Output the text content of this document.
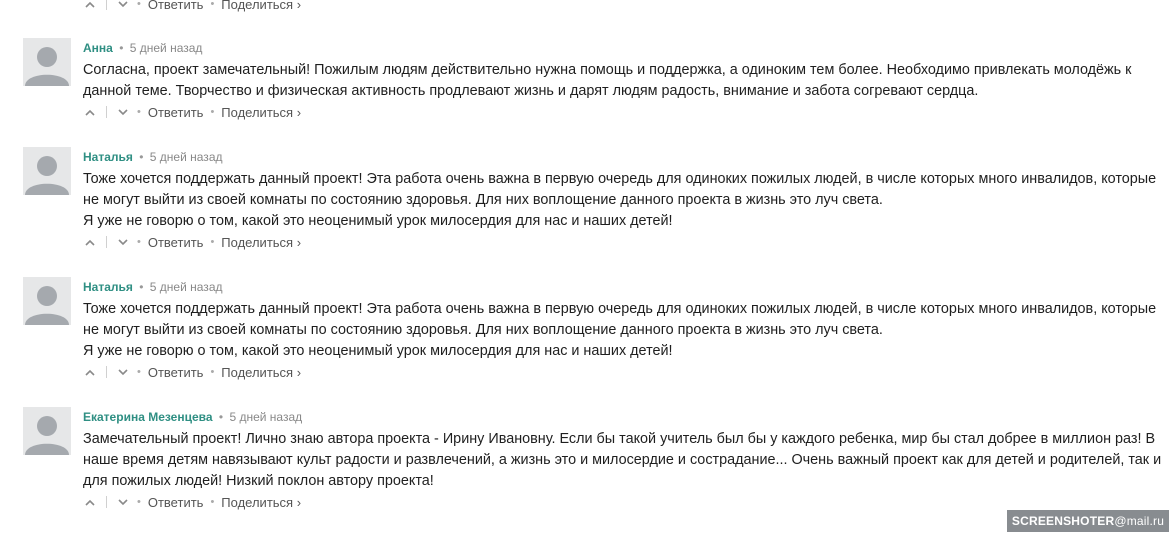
• Ответить • Поделиться ›
Анна • 5 дней назад

Согласна, проект замечательный! Пожилым людям действительно нужна помощь и поддержка, а одиноким тем более. Необходимо привлекать молодёжь к данной теме. Творчество и физическая активность продлевают жизнь и дарят людям радость, внимание и забота согревают сердца.

• Ответить • Поделиться ›
Наталья • 5 дней назад

Тоже хочется поддержать данный проект! Эта работа очень важна в первую очередь для одиноких пожилых людей, в числе которых много инвалидов, которые не могут выйти из своей комнаты по состоянию здоровья. Для них воплощение данного проекта в жизнь это луч света.

Я уже не говорю о том, какой это неоценимый урок милосердия для нас и наших детей!

• Ответить • Поделиться ›
Наталья • 5 дней назад

Тоже хочется поддержать данный проект! Эта работа очень важна в первую очередь для одиноких пожилых людей, в числе которых много инвалидов, которые не могут выйти из своей комнаты по состоянию здоровья. Для них воплощение данного проекта в жизнь это луч света.

Я уже не говорю о том, какой это неоценимый урок милосердия для нас и наших детей!

• Ответить • Поделиться ›
Екатерина Мезенцева • 5 дней назад

Замечательный проект! Лично знаю автора проекта - Ирину Ивановну. Если бы такой учитель был бы у каждого ребенка, мир бы стал добрее в миллион раз! В наше время детям навязывают культ радости и развлечений, а жизнь это и милосердие и сострадание... Очень важный проект как для детей и родителей, так и для пожилых людей! Низкий поклон автору проекта!

• Ответить • Поделиться ›
SCREENSHOTER@mail.ru
